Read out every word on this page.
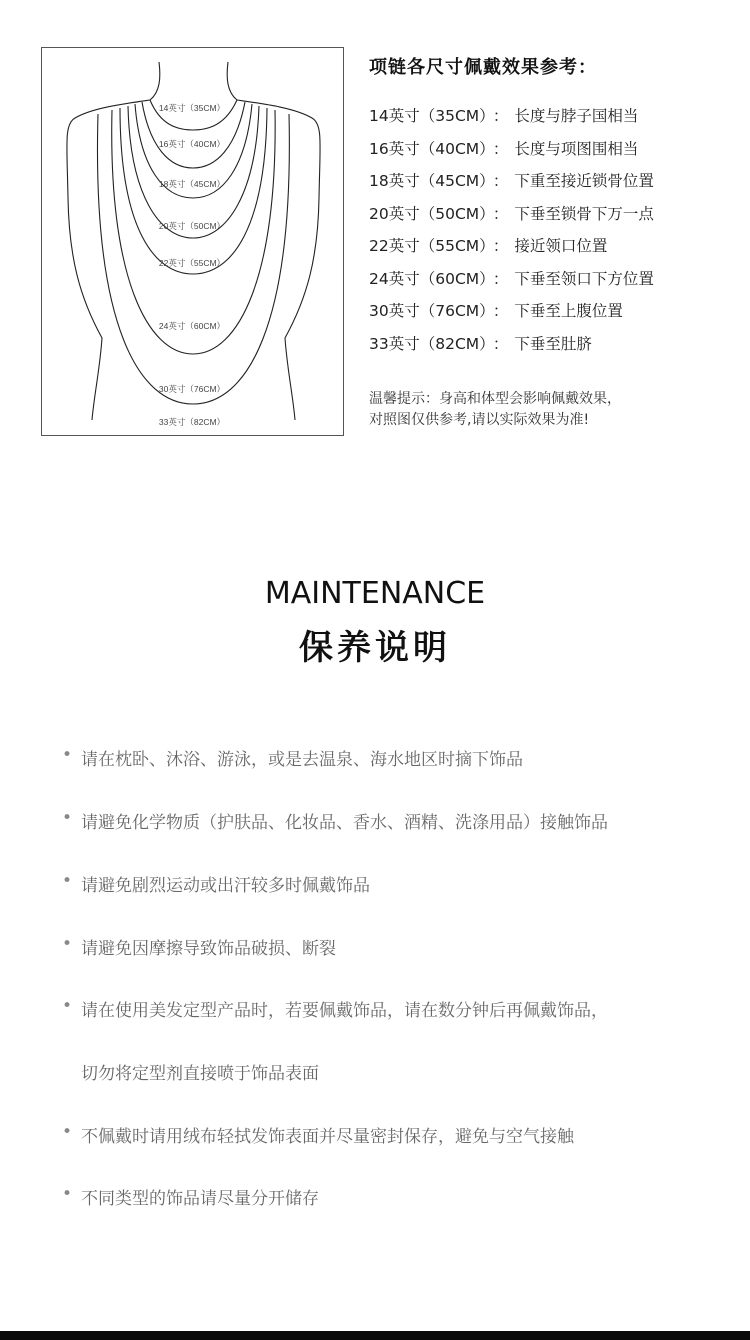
14英寸（35CM）
16英寸（40CM）
18英寸（45CM）
20英寸（50CM）
22英寸（55CM）
24英寸（60CM）
30英寸（76CM）
33英寸（82CM）
项链各尺寸佩戴效果参考：
14英寸（35CM） ： 长度与脖子国相当
16英寸（40CM） ： 长度与项图围相当
18英寸（45CM） ： 下重至接近锁骨位置
20英寸（50CM） ： 下垂至锁骨下万一点
22英寸（55CM） ： 接近领口位置
24英寸（60CM） ： 下垂至领口下方位置
30英寸（76CM） ： 下垂至上腹位置
33英寸（82CM） ： 下垂至肚脐
温馨提示：身高和体型会影响佩戴效果，
对照图仅供参考,请以实际效果为准!
MAINTENANCE
保养说明
• 请在枕卧、沐浴、游泳，或是去温泉、海水地区时摘下饰品
• 请避免化学物质（护肤品、化妆品、香水、酒精、洗涤用品）接触饰品
• 请避免剧烈运动或出汗较多时佩戴饰品
• 请避免因摩擦导致饰品破损、断裂
• 请在使用美发定型产品时，若要佩戴饰品，请在数分钟后再佩戴饰品，
切勿将定型剂直接喷于饰品表面
• 不佩戴时请用绒布轻拭发饰表面并尽量密封保存，避免与空气接触
• 不同类型的饰品请尽量分开储存
